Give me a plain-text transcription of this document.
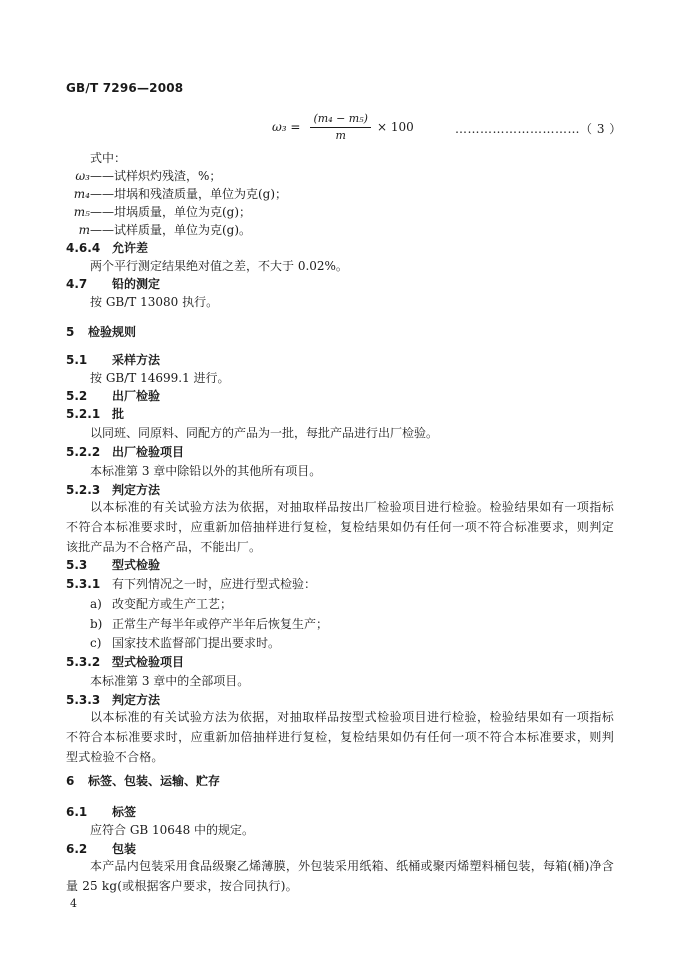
GB/T 7296—2008
$\omega_3 = \frac{\text{(m₄ − m₅)}}{m} \times 100$	…………………………（ 3 ）
式中：
ω₃——试样炽灼残渣，%；
m₄——坩埚和残渣质量，单位为克(g)；
m₅——坩埚质量，单位为克(g)；
m——试样质量，单位为克(g)。
4.6.4 允许差
两个平行测定结果绝对值之差，不大于 0.02%。
4.7 铅的测定
按 GB/T 13080 执行。
5 检验规则
5.1 采样方法
按 GB/T 14699.1 进行。
5.2 出厂检验
5.2.1 批
以同班、同原料、同配方的产品为一批，每批产品进行出厂检验。
5.2.2 出厂检验项目
本标准第 3 章中除铅以外的其他所有项目。
5.2.3 判定方法
以本标准的有关试验方法为依据，对抽取样品按出厂检验项目进行检验。检验结果如有一项指标不符合本标准要求时，应重新加倍抽样进行复检，复检结果如仍有任何一项不符合标准要求，则判定该批产品为不合格产品，不能出厂。
5.3 型式检验
5.3.1 有下列情况之一时，应进行型式检验：
a) 改变配方或生产工艺；
b) 正常生产每半年或停产半年后恢复生产；
c) 国家技术监督部门提出要求时。
5.3.2 型式检验项目
本标准第 3 章中的全部项目。
5.3.3 判定方法
以本标准的有关试验方法为依据，对抽取样品按型式检验项目进行检验，检验结果如有一项指标不符合本标准要求时，应重新加倍抽样进行复检，复检结果如仍有任何一项不符合本标准要求，则判型式检验不合格。
6 标签、包装、运输、贮存
6.1 标签
应符合 GB 10648 中的规定。
6.2 包装
本产品内包装采用食品级聚乙烯薄膜，外包装采用纸箱、纸桶或聚丙烯塑料桶包装，每箱(桶)净含量 25 kg(或根据客户要求，按合同执行)。
4
